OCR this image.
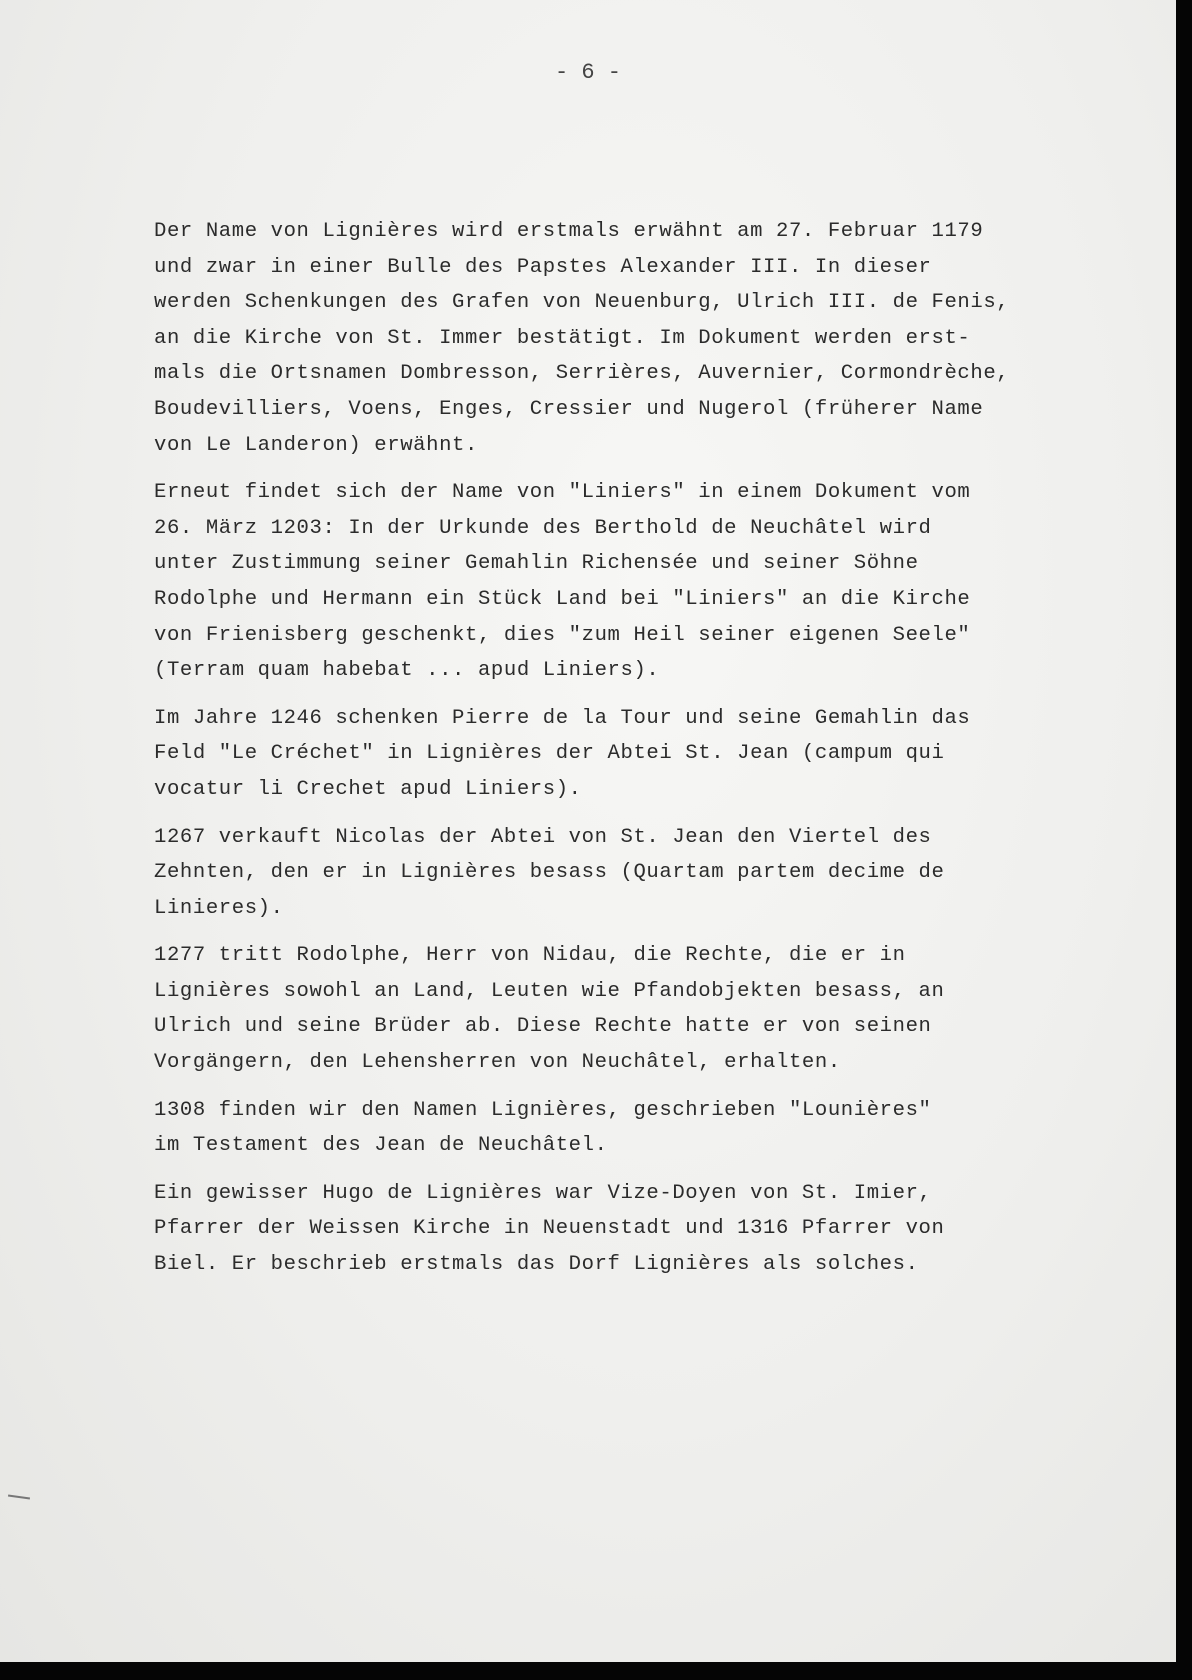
- 6 -
Der Name von Lignières wird erstmals erwähnt am 27. Februar 1179
und zwar in einer Bulle des Papstes Alexander III. In dieser
werden Schenkungen des Grafen von Neuenburg, Ulrich III. de Fenis,
an die Kirche von St. Immer bestätigt. Im Dokument werden erst-
mals die Ortsnamen Dombresson, Serrières, Auvernier, Cormondrèche,
Boudevilliers, Voens, Enges, Cressier und Nugerol (früherer Name
von Le Landeron) erwähnt.
Erneut findet sich der Name von "Liniers" in einem Dokument vom
26. März 1203: In der Urkunde des Berthold de Neuchâtel wird
unter Zustimmung seiner Gemahlin Richensée und seiner Söhne
Rodolphe und Hermann ein Stück Land bei "Liniers" an die Kirche
von Frienisberg geschenkt, dies "zum Heil seiner eigenen Seele"
(Terram quam habebat ... apud Liniers).
Im Jahre 1246 schenken Pierre de la Tour und seine Gemahlin das
Feld "Le Créchet" in Lignières der Abtei St. Jean (campum qui
vocatur li Crechet apud Liniers).
1267 verkauft Nicolas der Abtei von St. Jean den Viertel des
Zehnten, den er in Lignières besass (Quartam partem decime de
Linieres).
1277 tritt Rodolphe, Herr von Nidau, die Rechte, die er in
Lignières sowohl an Land, Leuten wie Pfandobjekten besass, an
Ulrich und seine Brüder ab. Diese Rechte hatte er von seinen
Vorgängern, den Lehensherren von Neuchâtel, erhalten.
1308 finden wir den Namen Lignières, geschrieben "Lounières"
im Testament des Jean de Neuchâtel.
Ein gewisser Hugo de Lignières war Vize-Doyen von St. Imier,
Pfarrer der Weissen Kirche in Neuenstadt und 1316 Pfarrer von
Biel. Er beschrieb erstmals das Dorf Lignières als solches.
